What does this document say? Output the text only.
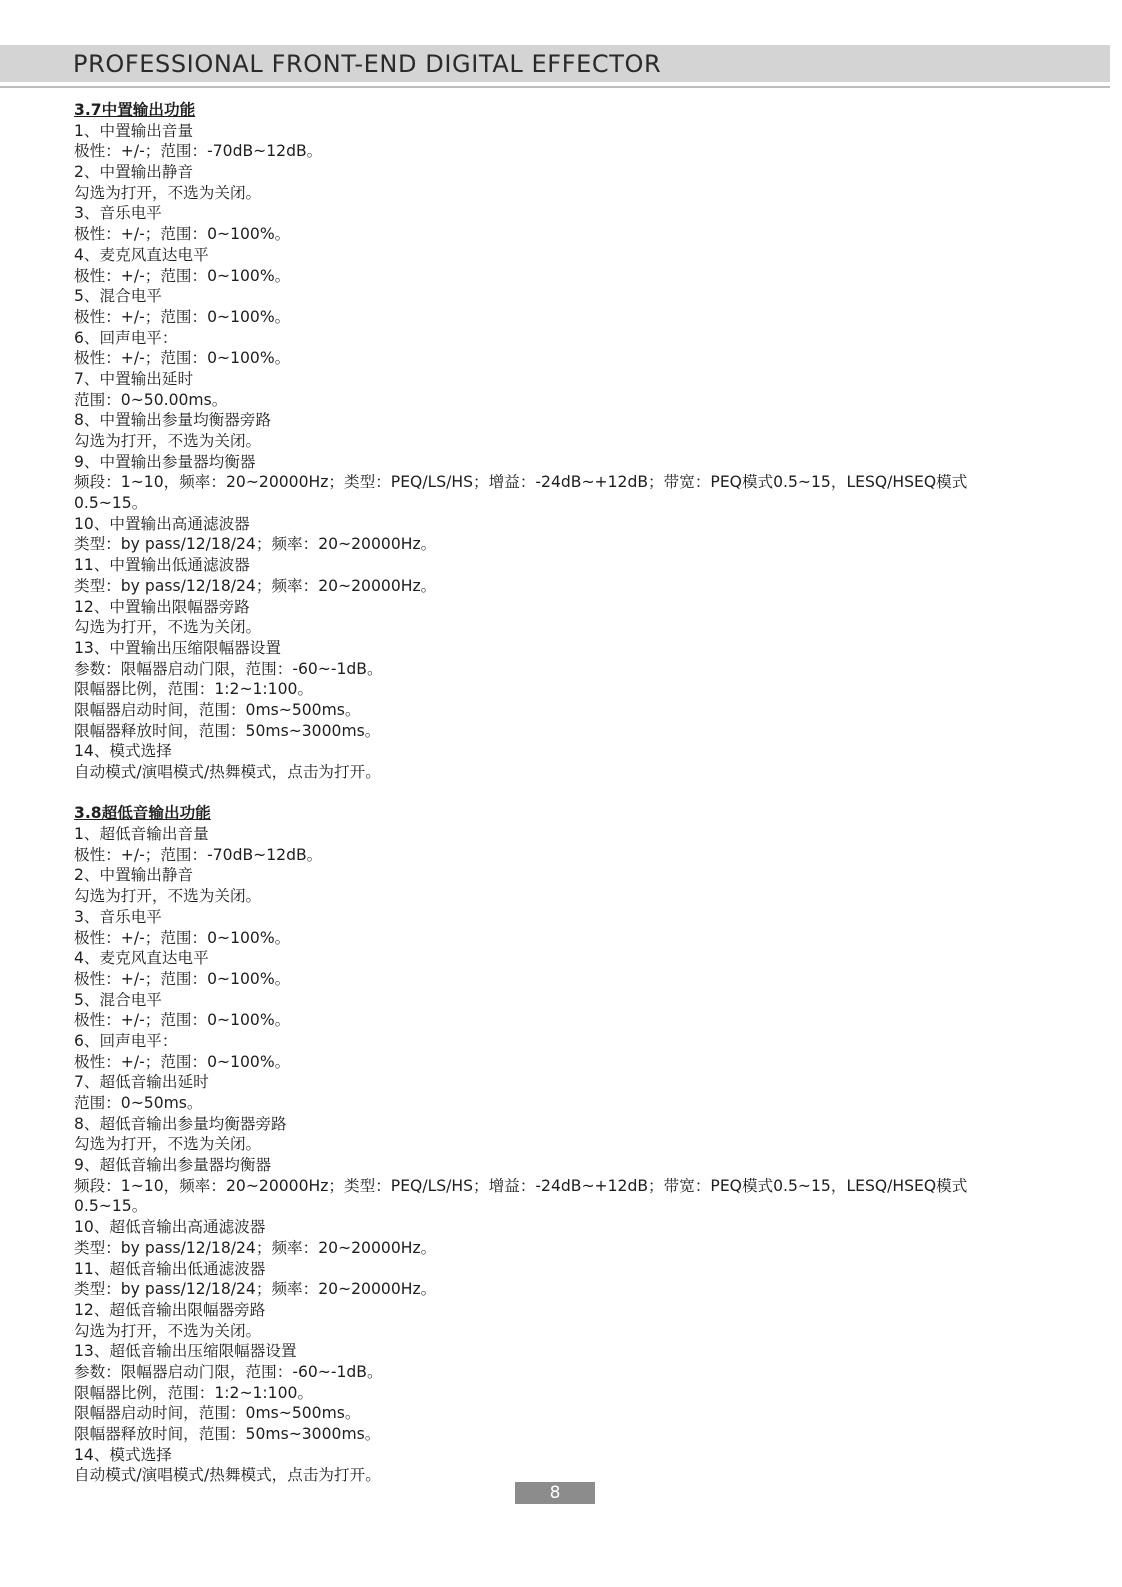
PROFESSIONAL FRONT-END DIGITAL EFFECTOR
3.7中置输出功能
1、中置输出音量
极性：+/-；范围：-70dB~12dB。
2、中置输出静音
勾选为打开，不选为关闭。
3、音乐电平
极性：+/-；范围：0~100%。
4、麦克风直达电平
极性：+/-；范围：0~100%。
5、混合电平
极性：+/-；范围：0~100%。
6、回声电平：
极性：+/-；范围：0~100%。
7、中置输出延时
范围：0~50.00ms。
8、中置输出参量均衡器旁路
勾选为打开，不选为关闭。
9、中置输出参量器均衡器
频段：1~10，频率：20~20000Hz；类型：PEQ/LS/HS；增益：-24dB~+12dB；带宽：PEQ模式0.5~15，LESQ/HSEQ模式
0.5~15。
10、中置输出高通滤波器
类型：by pass/12/18/24；频率：20~20000Hz。
11、中置输出低通滤波器
类型：by pass/12/18/24；频率：20~20000Hz。
12、中置输出限幅器旁路
勾选为打开，不选为关闭。
13、中置输出压缩限幅器设置
参数：限幅器启动门限，范围：-60~-1dB。
限幅器比例，范围：1:2~1:100。
限幅器启动时间，范围：0ms~500ms。
限幅器释放时间，范围：50ms~3000ms。
14、模式选择
自动模式/演唱模式/热舞模式，点击为打开。
3.8超低音输出功能
1、超低音输出音量
极性：+/-；范围：-70dB~12dB。
2、中置输出静音
勾选为打开，不选为关闭。
3、音乐电平
极性：+/-；范围：0~100%。
4、麦克风直达电平
极性：+/-；范围：0~100%。
5、混合电平
极性：+/-；范围：0~100%。
6、回声电平：
极性：+/-；范围：0~100%。
7、超低音输出延时
范围：0~50ms。
8、超低音输出参量均衡器旁路
勾选为打开，不选为关闭。
9、超低音输出参量器均衡器
频段：1~10，频率：20~20000Hz；类型：PEQ/LS/HS；增益：-24dB~+12dB；带宽：PEQ模式0.5~15，LESQ/HSEQ模式
0.5~15。
10、超低音输出高通滤波器
类型：by pass/12/18/24；频率：20~20000Hz。
11、超低音输出低通滤波器
类型：by pass/12/18/24；频率：20~20000Hz。
12、超低音输出限幅器旁路
勾选为打开，不选为关闭。
13、超低音输出压缩限幅器设置
参数：限幅器启动门限，范围：-60~-1dB。
限幅器比例，范围：1:2~1:100。
限幅器启动时间，范围：0ms~500ms。
限幅器释放时间，范围：50ms~3000ms。
14、模式选择
自动模式/演唱模式/热舞模式，点击为打开。
8
